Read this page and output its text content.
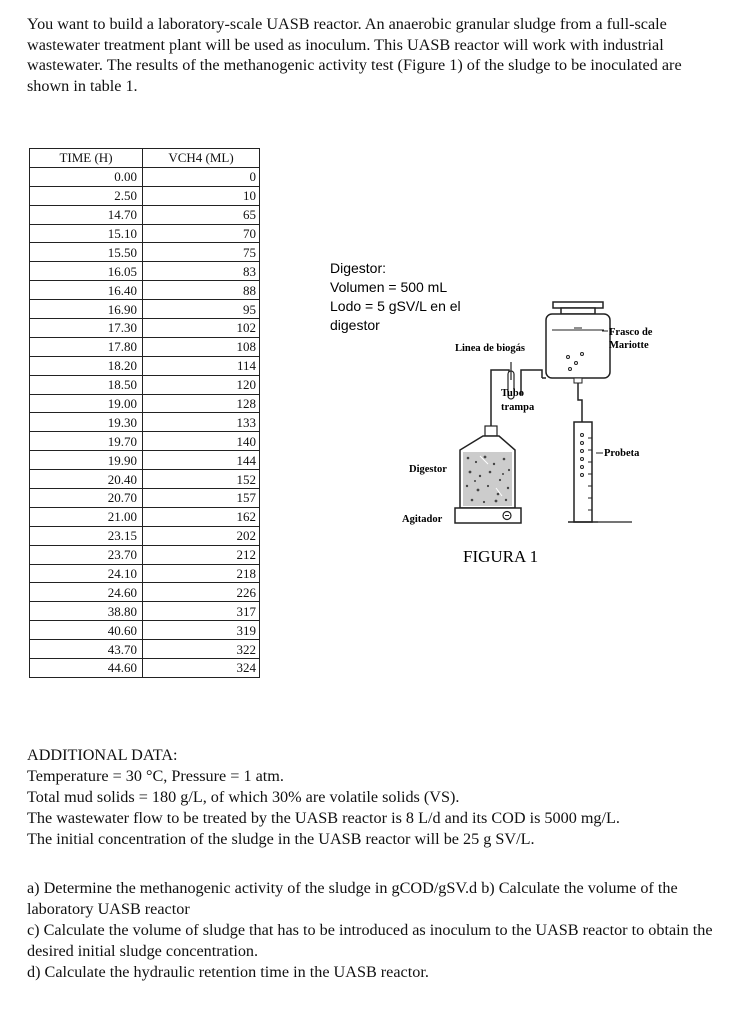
You want to build a laboratory-scale UASB reactor. An anaerobic granular sludge from a full-scale wastewater treatment plant will be used as inoculum. This UASB reactor will work with industrial wastewater. The results of the methanogenic activity test (Figure 1) of the sludge to be inoculated are shown in table 1.
TIME (H)	VCH4 (ML)
0.00	0
2.50	10
14.70	65
15.10	70
15.50	75
16.05	83
16.40	88
16.90	95
17.30	102
17.80	108
18.20	114
18.50	120
19.00	128
19.30	133
19.70	140
19.90	144
20.40	152
20.70	157
21.00	162
23.15	202
23.70	212
24.10	218
24.60	226
38.80	317
40.60	319
43.70	322
44.60	324
Digestor:
Volumen = 500 mL
Lodo = 5 gSV/L en el
digestor
Linea de biogás
Tubo
trampa
Frasco de
Mariotte
Probeta
Digestor
Agitador
FIGURA 1

ADDITIONAL DATA:

Temperature = 30 °C, Pressure = 1 atm.

Total mud solids = 180 g/L, of which 30% are volatile solids (VS).

The wastewater flow to be treated by the UASB reactor is 8 L/d and its COD is 5000 mg/L.

The initial concentration of the sludge in the UASB reactor will be 25 g SV/L.

a) Determine the methanogenic activity of the sludge in gCOD/gSV.d b) Calculate the volume of the laboratory UASB reactor

c) Calculate the volume of sludge that has to be introduced as inoculum to the UASB reactor to obtain the desired initial sludge concentration.

d) Calculate the hydraulic retention time in the UASB reactor.
